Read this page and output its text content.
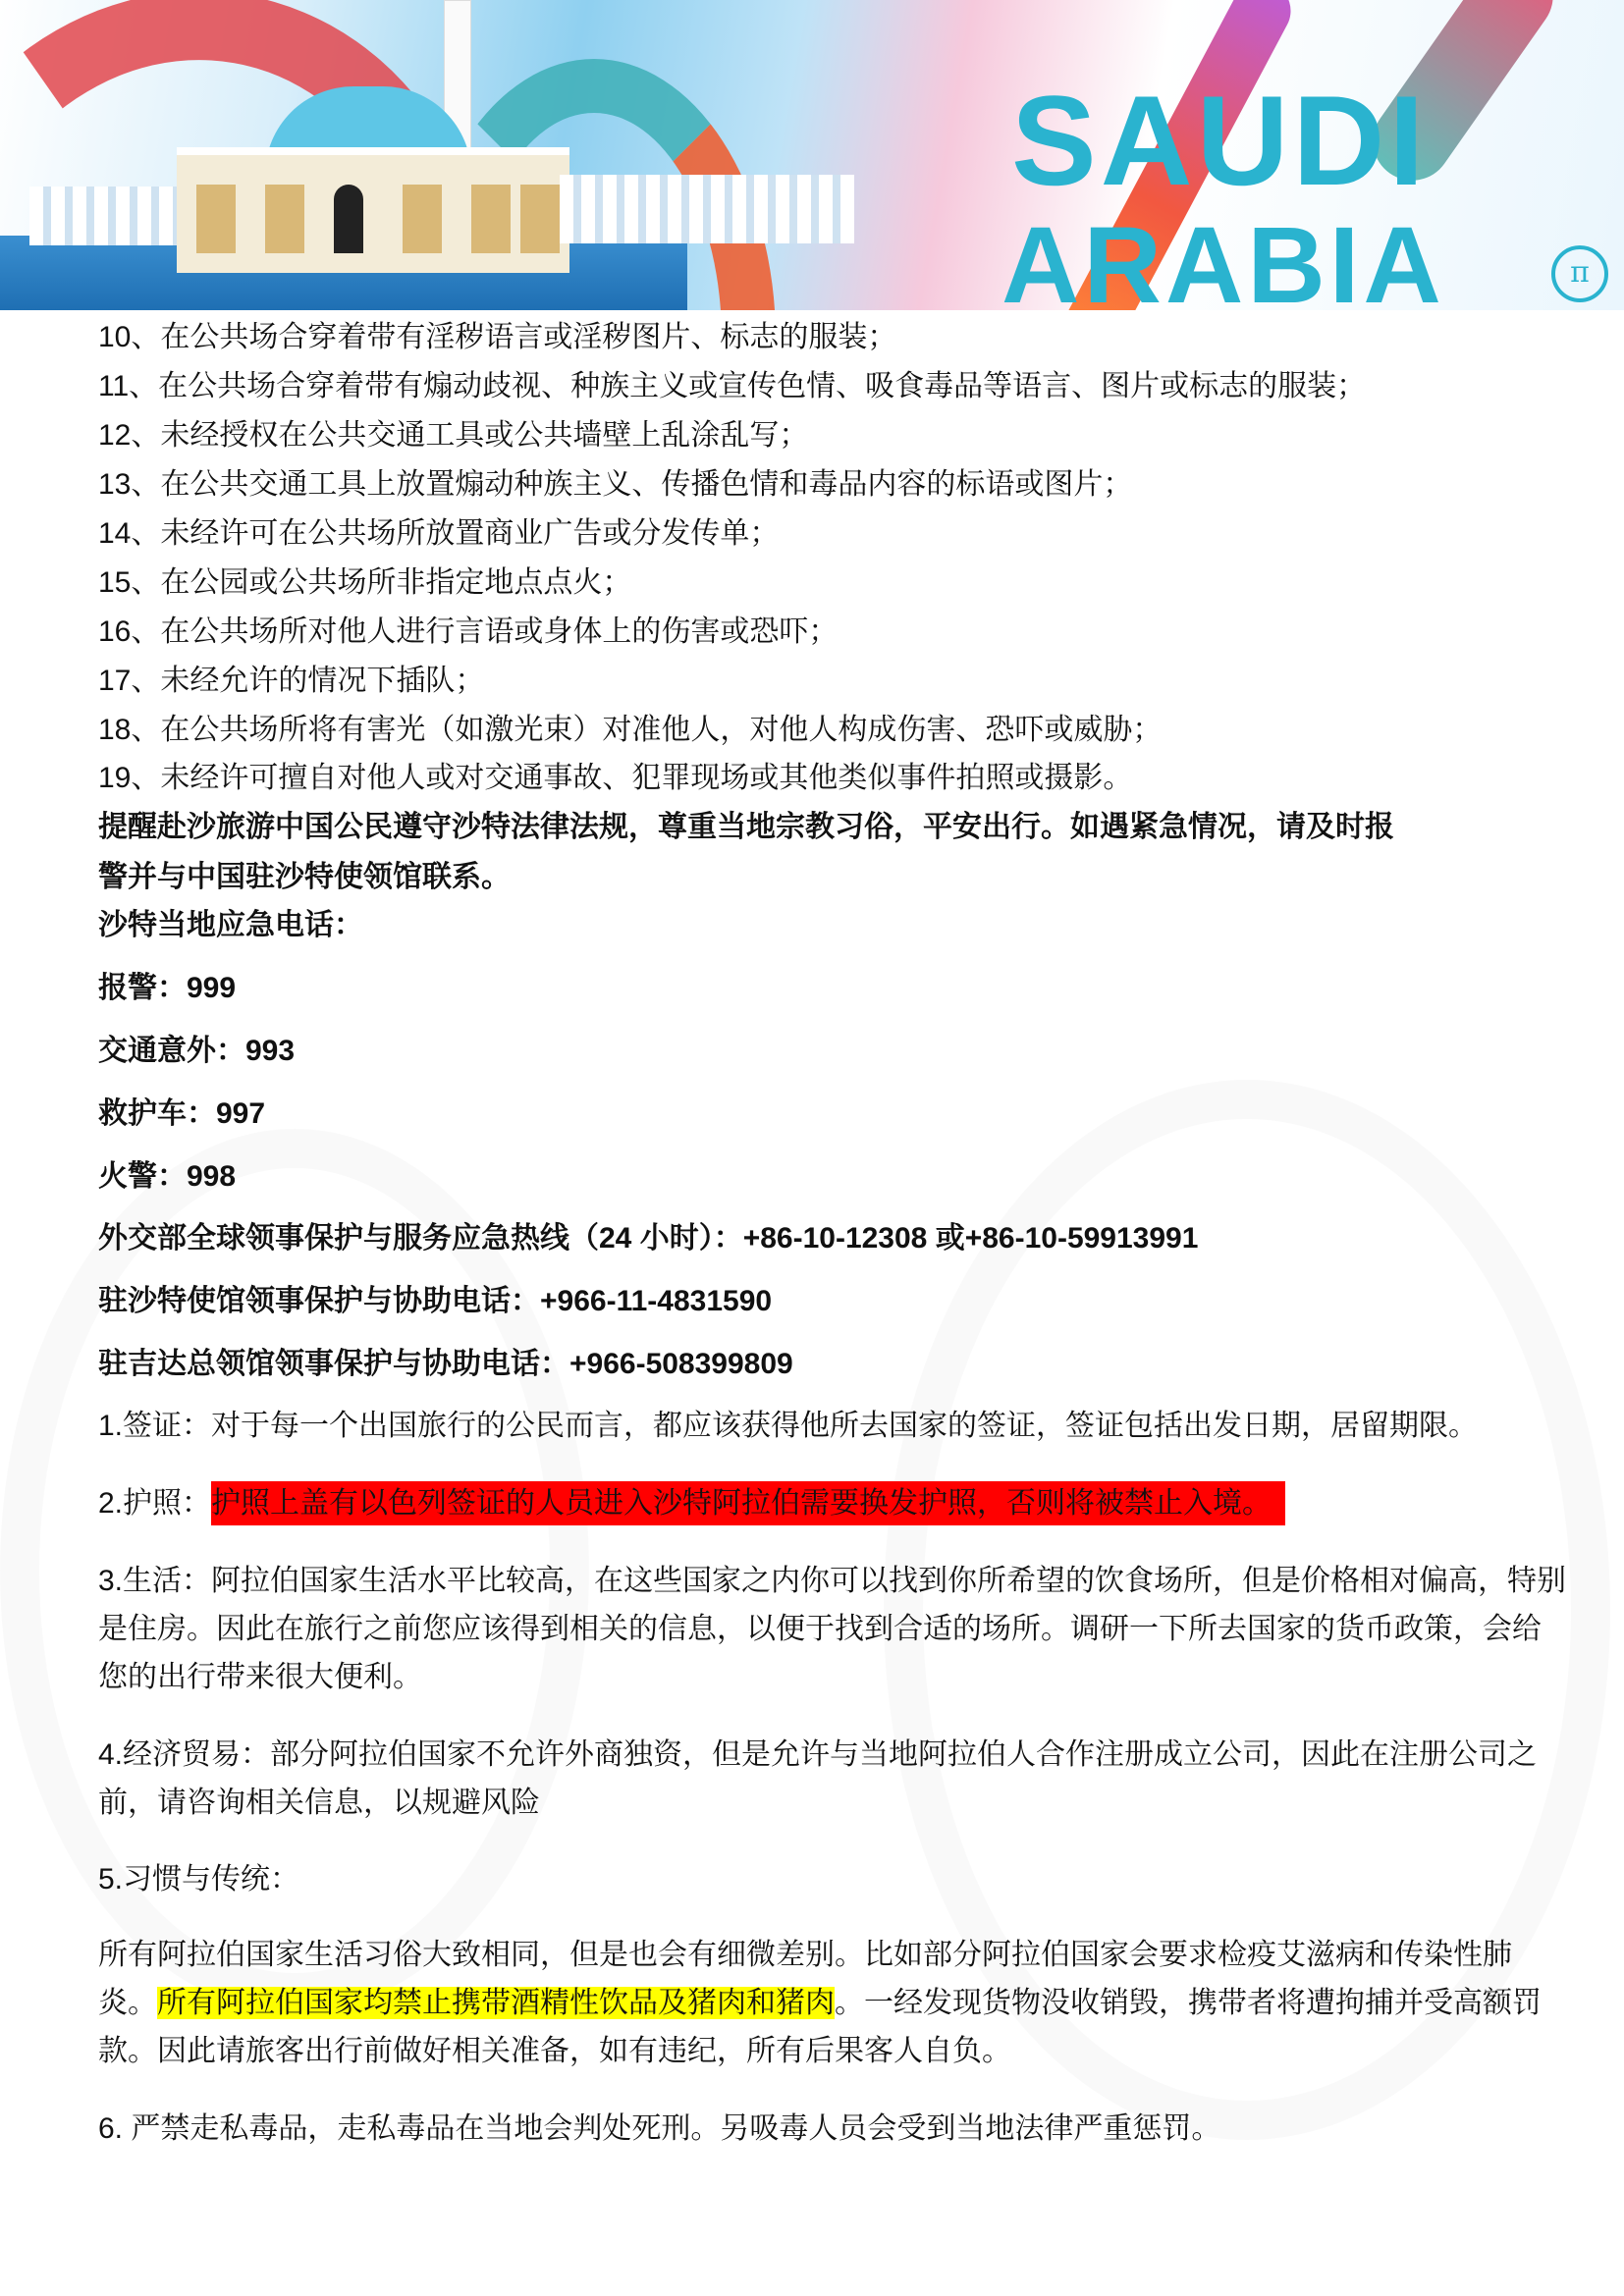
SAUDI
ARABIA	π
10、在公共场合穿着带有淫秽语言或淫秽图片、标志的服装；
11、在公共场合穿着带有煽动歧视、种族主义或宣传色情、吸食毒品等语言、图片或标志的服装；
12、未经授权在公共交通工具或公共墙壁上乱涂乱写；
13、在公共交通工具上放置煽动种族主义、传播色情和毒品内容的标语或图片；
14、未经许可在公共场所放置商业广告或分发传单；
15、在公园或公共场所非指定地点点火；
16、在公共场所对他人进行言语或身体上的伤害或恐吓；
17、未经允许的情况下插队；
18、在公共场所将有害光（如激光束）对准他人，对他人构成伤害、恐吓或威胁；
19、未经许可擅自对他人或对交通事故、犯罪现场或其他类似事件拍照或摄影。
提醒赴沙旅游中国公民遵守沙特法律法规，尊重当地宗教习俗，平安出行。如遇紧急情况，请及时报
警并与中国驻沙特使领馆联系。
沙特当地应急电话：
报警：999
交通意外：993
救护车：997
火警：998
外交部全球领事保护与服务应急热线（24 小时）：+86-10-12308 或+86-10-59913991
驻沙特使馆领事保护与协助电话：+966-11-4831590
驻吉达总领馆领事保护与协助电话：+966-508399809
1.签证：对于每一个出国旅行的公民而言，都应该获得他所去国家的签证，签证包括出发日期，居留期限。
2.护照：护照上盖有以色列签证的人员进入沙特阿拉伯需要换发护照，否则将被禁止入境。
3.生活：阿拉伯国家生活水平比较高，在这些国家之内你可以找到你所希望的饮食场所，但是价格相对偏高，特别
是住房。因此在旅行之前您应该得到相关的信息，以便于找到合适的场所。调研一下所去国家的货币政策，会给
您的出行带来很大便利。
4.经济贸易：部分阿拉伯国家不允许外商独资，但是允许与当地阿拉伯人合作注册成立公司，因此在注册公司之
前，请咨询相关信息，以规避风险
5.习惯与传统：
所有阿拉伯国家生活习俗大致相同，但是也会有细微差别。比如部分阿拉伯国家会要求检疫艾滋病和传染性肺
炎。所有阿拉伯国家均禁止携带酒精性饮品及猪肉和猪肉。一经发现货物没收销毁，携带者将遭拘捕并受高额罚
款。因此请旅客出行前做好相关准备，如有违纪，所有后果客人自负。
6. 严禁走私毒品，走私毒品在当地会判处死刑。另吸毒人员会受到当地法律严重惩罚。
